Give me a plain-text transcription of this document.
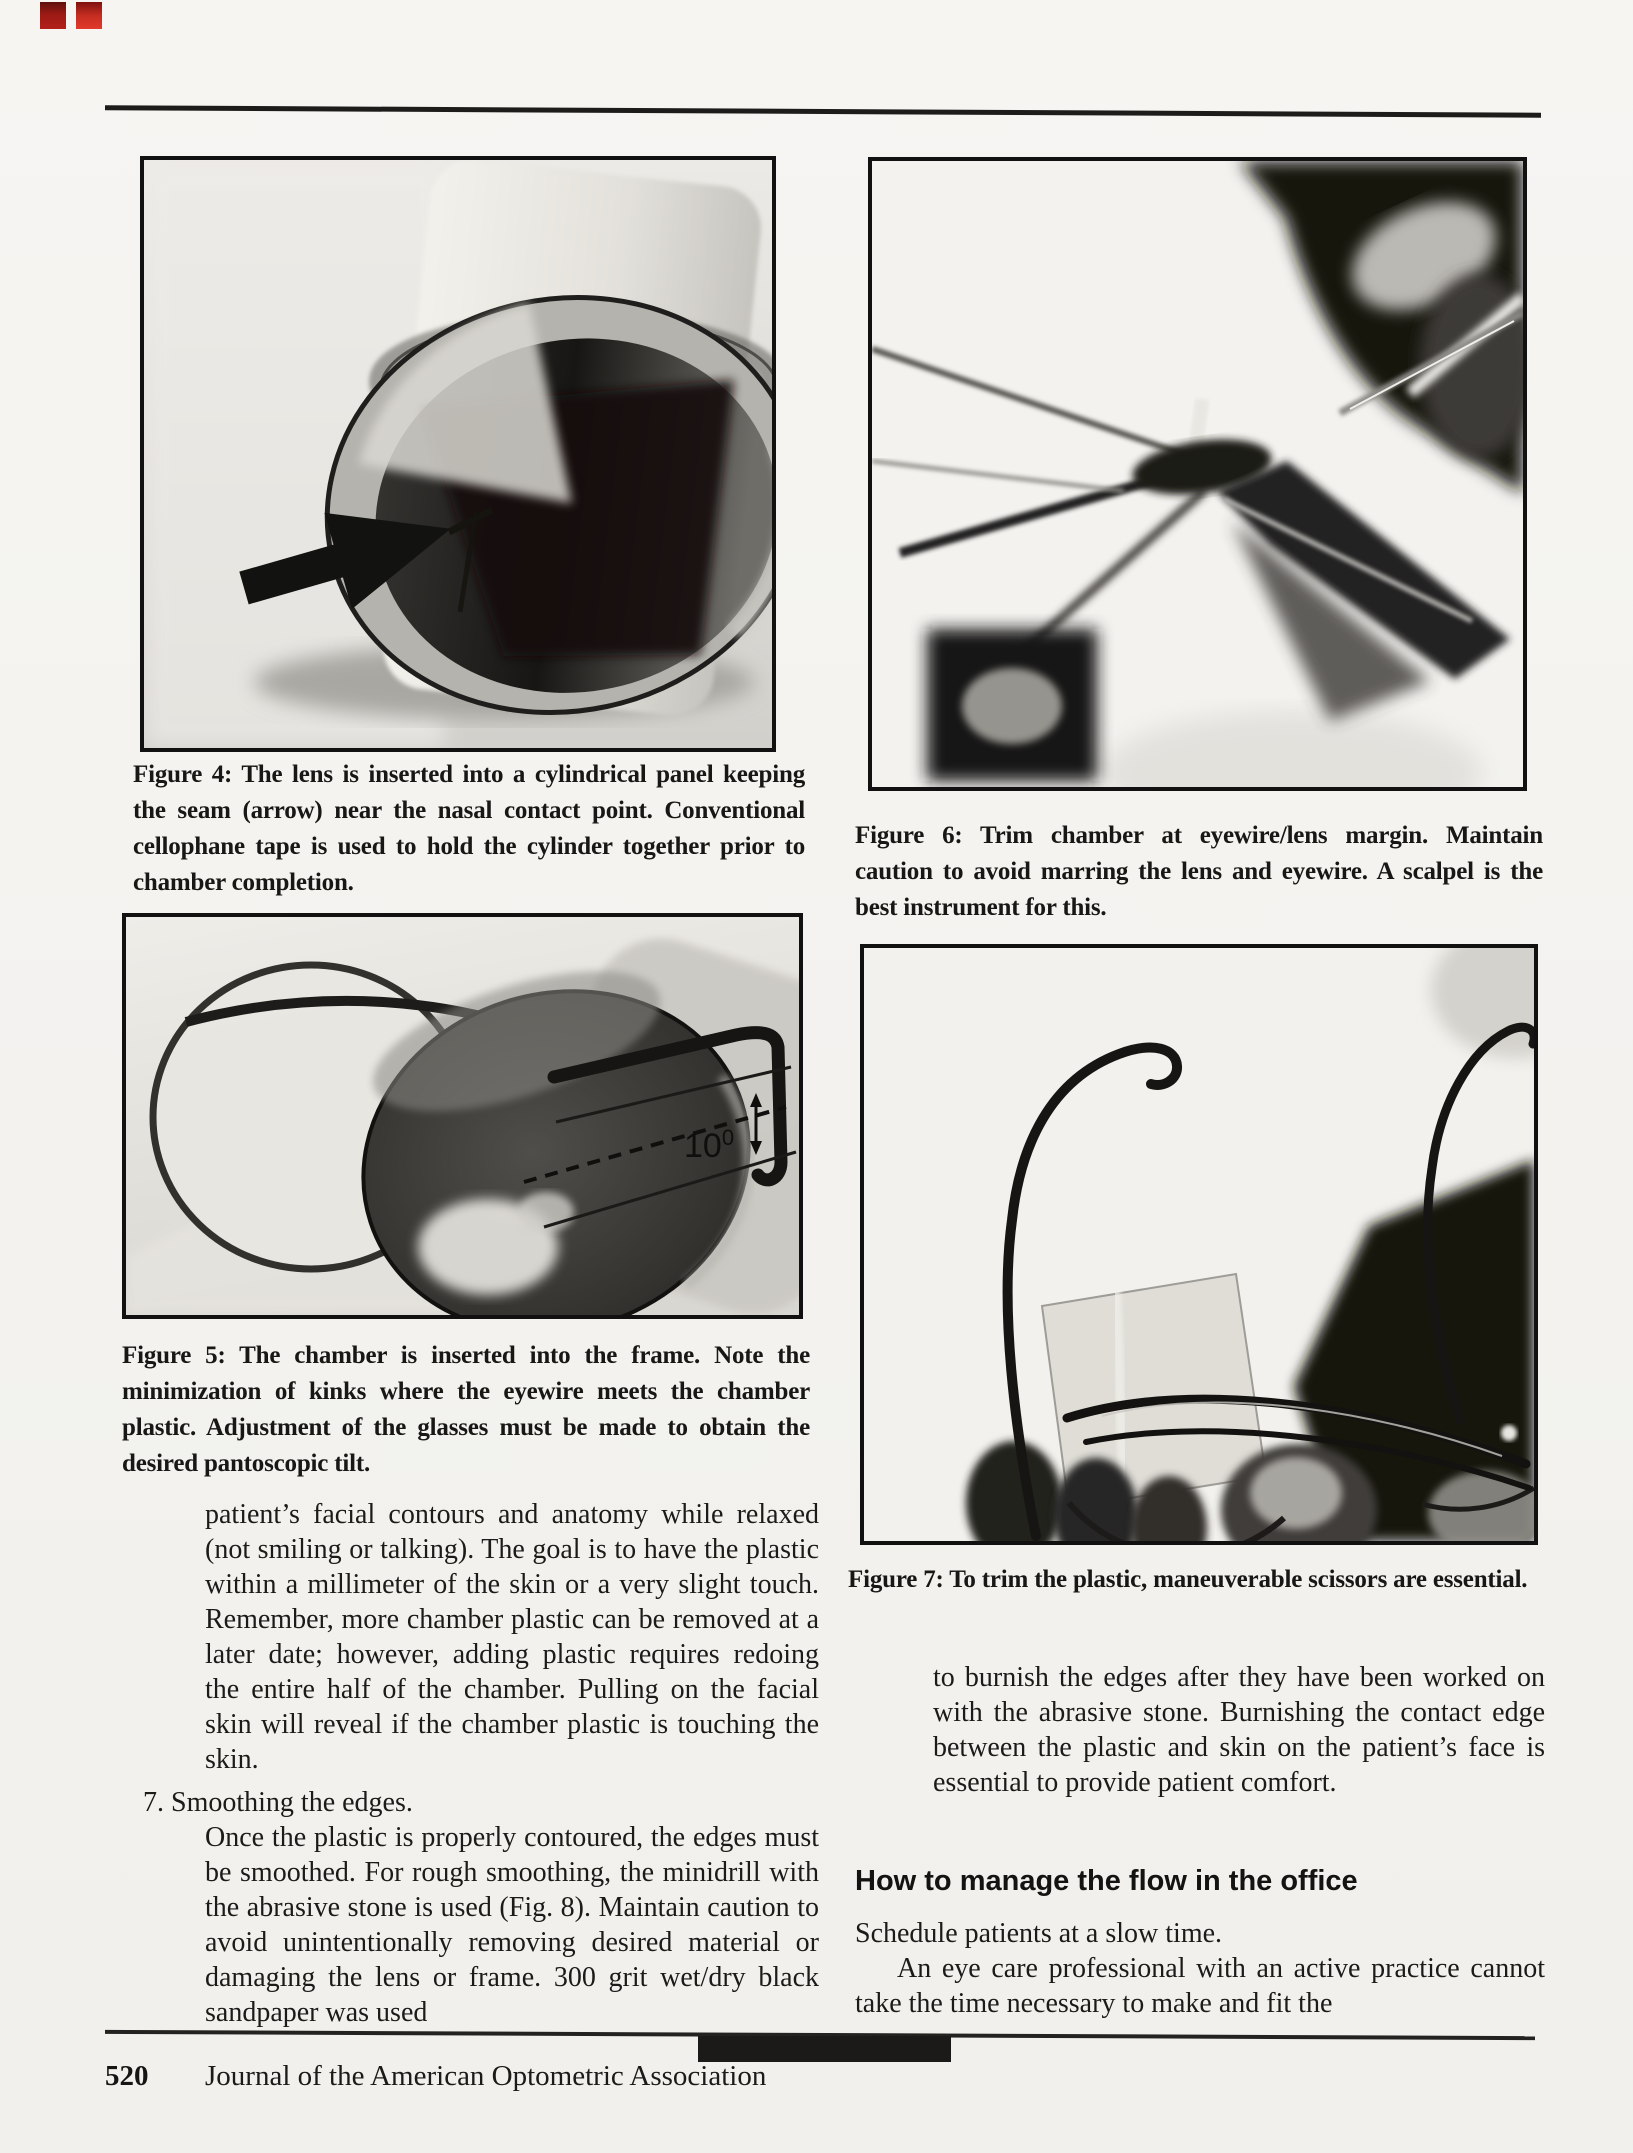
Figure 4: The lens is inserted into a cylindrical panel keeping the seam (arrow) near the nasal contact point. Conventional cellophane tape is used to hold the cylinder together prior to chamber completion.
Figure 6: Trim chamber at eyewire/lens margin. Maintain caution to avoid marring the lens and eyewire. A scalpel is the best instrument for this.
$10^0$
Figure 5: The chamber is inserted into the frame. Note the minimization of kinks where the eyewire meets the chamber plastic. Adjustment of the glasses must be made to obtain the desired pantoscopic tilt.
Figure 7: To trim the plastic, maneuverable scissors are essential.

patient’s facial contours and anatomy while relaxed (not smiling or talking). The goal is to have the plastic within a millimeter of the skin or a very slight touch. Remember, more chamber plastic can be removed at a later date; however, adding plastic requires redoing the entire half of the chamber. Pulling on the facial skin will reveal if the chamber plastic is touching the skin.

7. Smoothing the edges.

Once the plastic is properly contoured, the edges must be smoothed. For rough smoothing, the minidrill with the abrasive stone is used (Fig. 8). Maintain caution to avoid unintentionally removing desired material or damaging the lens or frame. 300 grit wet/dry black sandpaper was used

to burnish the edges after they have been worked on with the abrasive stone. Burnishing the contact edge between the plastic and skin on the patient’s face is essential to provide patient comfort.

How to manage the flow in the office

Schedule patients at a slow time.

An eye care professional with an active practice cannot take the time necessary to make and fit the

520 Journal of the American Optometric Association
